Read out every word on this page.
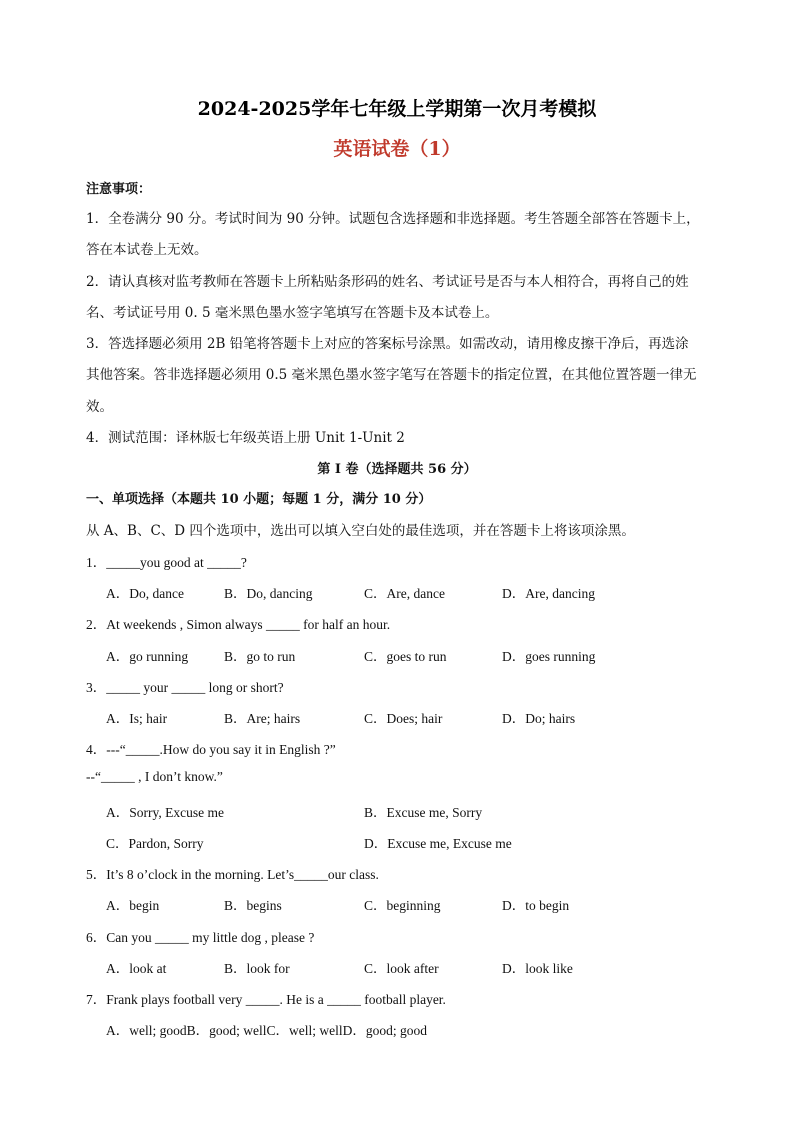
2024-2025学年七年级上学期第一次月考模拟
英语试卷（1）
注意事项：
1．全卷满分 90 分。考试时间为 90 分钟。试题包含选择题和非选择题。考生答题全部答在答题卡上，
答在本试卷上无效。
2．请认真核对监考教师在答题卡上所粘贴条形码的姓名、考试证号是否与本人相符合，再将自己的姓
名、考试证号用 0. 5 毫米黑色墨水签字笔填写在答题卡及本试卷上。
3．答选择题必须用 2B 铅笔将答题卡上对应的答案标号涂黑。如需改动，请用橡皮擦干净后，再选涂
其他答案。答非选择题必须用 0.5 毫米黑色墨水签字笔写在答题卡的指定位置，在其他位置答题一律无
效。
4．测试范围：译林版七年级英语上册 Unit 1-Unit 2
第 I 卷（选择题共 56 分）
一、单项选择（本题共 10 小题；每题 1 分，满分 10 分）
从 A、B、C、D 四个选项中，选出可以填入空白处的最佳选项，并在答题卡上将该项涂黑。
1．_____you good at _____?
A．Do, dance	B．Do, dancing	C．Are, dance	D．Are, dancing
2．At weekends , Simon always _____ for half an hour.
A．go running	B．go to run	C．goes to run	D．goes running
3．_____ your _____ long or short?
A．Is; hair	B．Are; hairs	C．Does; hair	D．Do; hairs
4．---“_____.How do you say it in English ?”
--“_____ , I don’t know.”
A．Sorry, Excuse me	B．Excuse me, Sorry
C．Pardon, Sorry	D．Excuse me, Excuse me
5．It’s 8 o’clock in the morning. Let’s_____our class.
A．begin	B．begins	C．beginning	D．to begin
6．Can you _____ my little dog , please ?
A．look at	B．look for	C．look after	D．look like
7．Frank plays football very _____. He is a _____ football player.
A．well; goodB．good; wellC．well; wellD．good; good
